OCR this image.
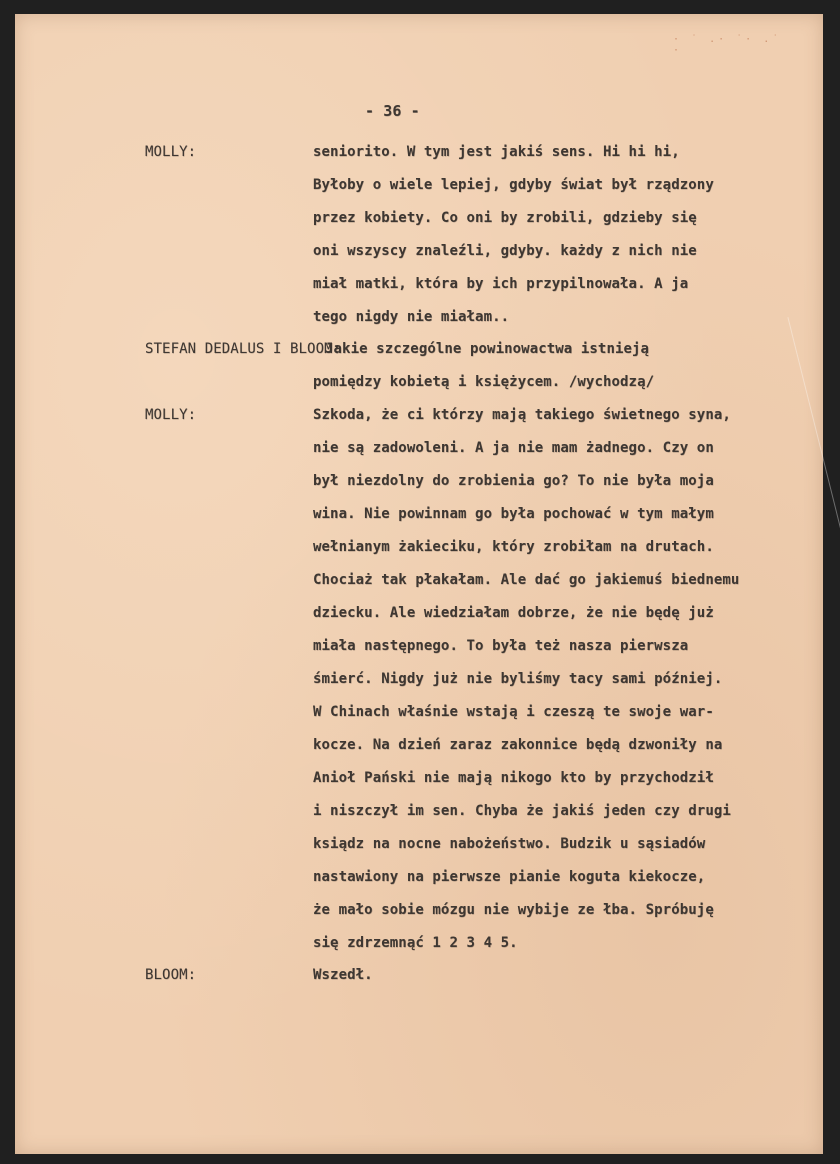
· ˙ .· ˙· .˙ ·
- 36 -
MOLLY:	seniorito. W tym jest jakiś sens. Hi hi hi,
Byłoby o wiele lepiej, gdyby świat był rządzony
przez kobiety. Co oni by zrobili, gdzieby się
oni wszyscy znaleźli, gdyby. każdy z nich nie
miał matki, która by ich przypilnowała. A ja
tego nigdy nie miałam..
STEFAN DEDALUS I BLOOM:
Jakie szczególne powinowactwa istnieją
pomiędzy kobietą i księżycem. /wychodzą/
MOLLY:	Szkoda, że ci którzy mają takiego świetnego syna,
nie są zadowoleni. A ja nie mam żadnego. Czy on
był niezdolny do zrobienia go? To nie była moja
wina. Nie powinnam go była pochować w tym małym
wełnianym żakieciku, który zrobiłam na drutach.
Chociaż tak płakałam. Ale dać go jakiemuś biednemu
dziecku. Ale wiedziałam dobrze, że nie będę już
miała następnego. To była też nasza pierwsza
śmierć. Nigdy już nie byliśmy tacy sami później.
W Chinach właśnie wstają i czeszą te swoje war-
kocze. Na dzień zaraz zakonnice będą dzwoniły na
Anioł Pański nie mają nikogo kto by przychodził
i niszczył im sen. Chyba że jakiś jeden czy drugi
ksiądz na nocne nabożeństwo. Budzik u sąsiadów
nastawiony na pierwsze pianie koguta kiekocze,
że mało sobie mózgu nie wybije ze łba. Spróbuję
się zdrzemnąć 1 2 3 4 5.
BLOOM:	Wszedł.
